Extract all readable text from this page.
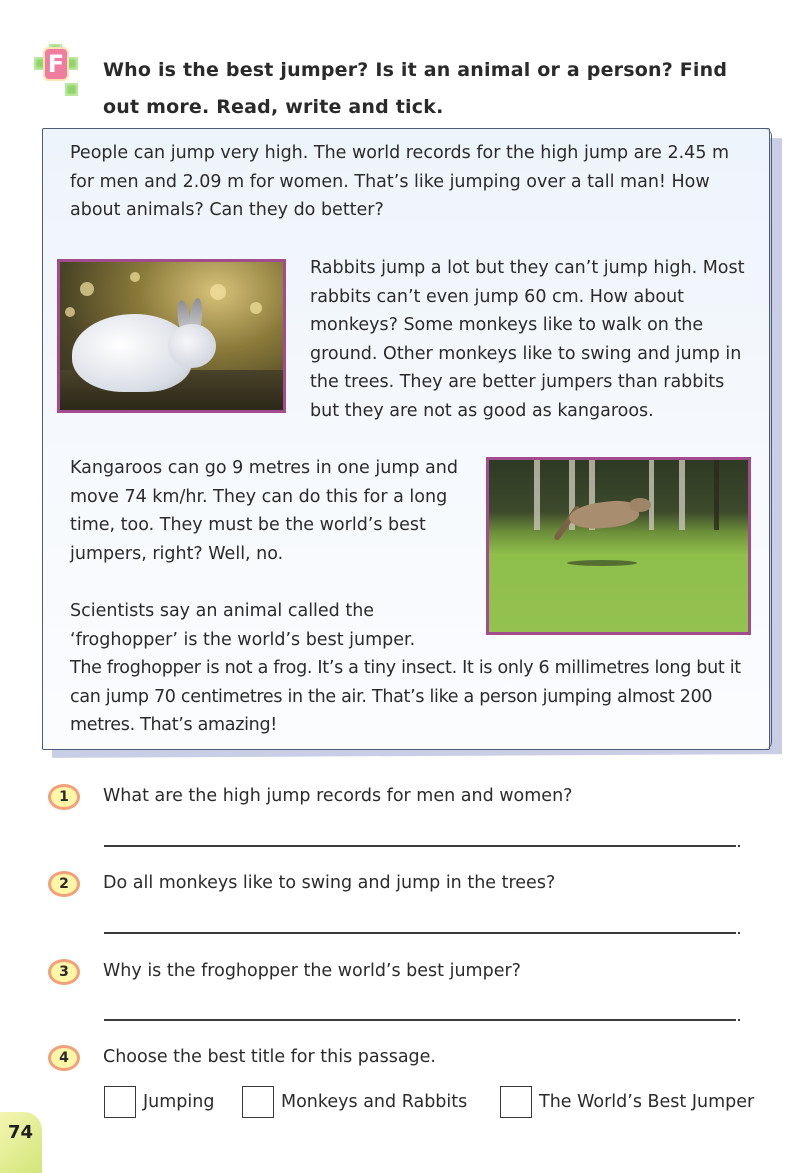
F Who is the best jumper? Is it an animal or a person? Find out more. Read, write and tick.
People can jump very high. The world records for the high jump are 2.45 m for men and 2.09 m for women. That’s like jumping over a tall man! How about animals? Can they do better?
Rabbits jump a lot but they can’t jump high. Most rabbits can’t even jump 60 cm. How about monkeys? Some monkeys like to walk on the ground. Other monkeys like to swing and jump in the trees. They are better jumpers than rabbits but they are not as good as kangaroos.
Kangaroos can go 9 metres in one jump and move 74 km/hr. They can do this for a long time, too. They must be the world’s best jumpers, right? Well, no.
Scientists say an animal called the ‘froghopper’ is the world’s best jumper.
The froghopper is not a frog. It’s a tiny insect. It is only 6 millimetres long but it can jump 70 centimetres in the air. That’s like a person jumping almost 200 metres. That’s amazing!
1	What are the high jump records for men and women?
2	Do all monkeys like to swing and jump in the trees?
3	Why is the froghopper the world’s best jumper?
4	Choose the best title for this passage.
Jumping	Monkeys and Rabbits	The World’s Best Jumper
74
